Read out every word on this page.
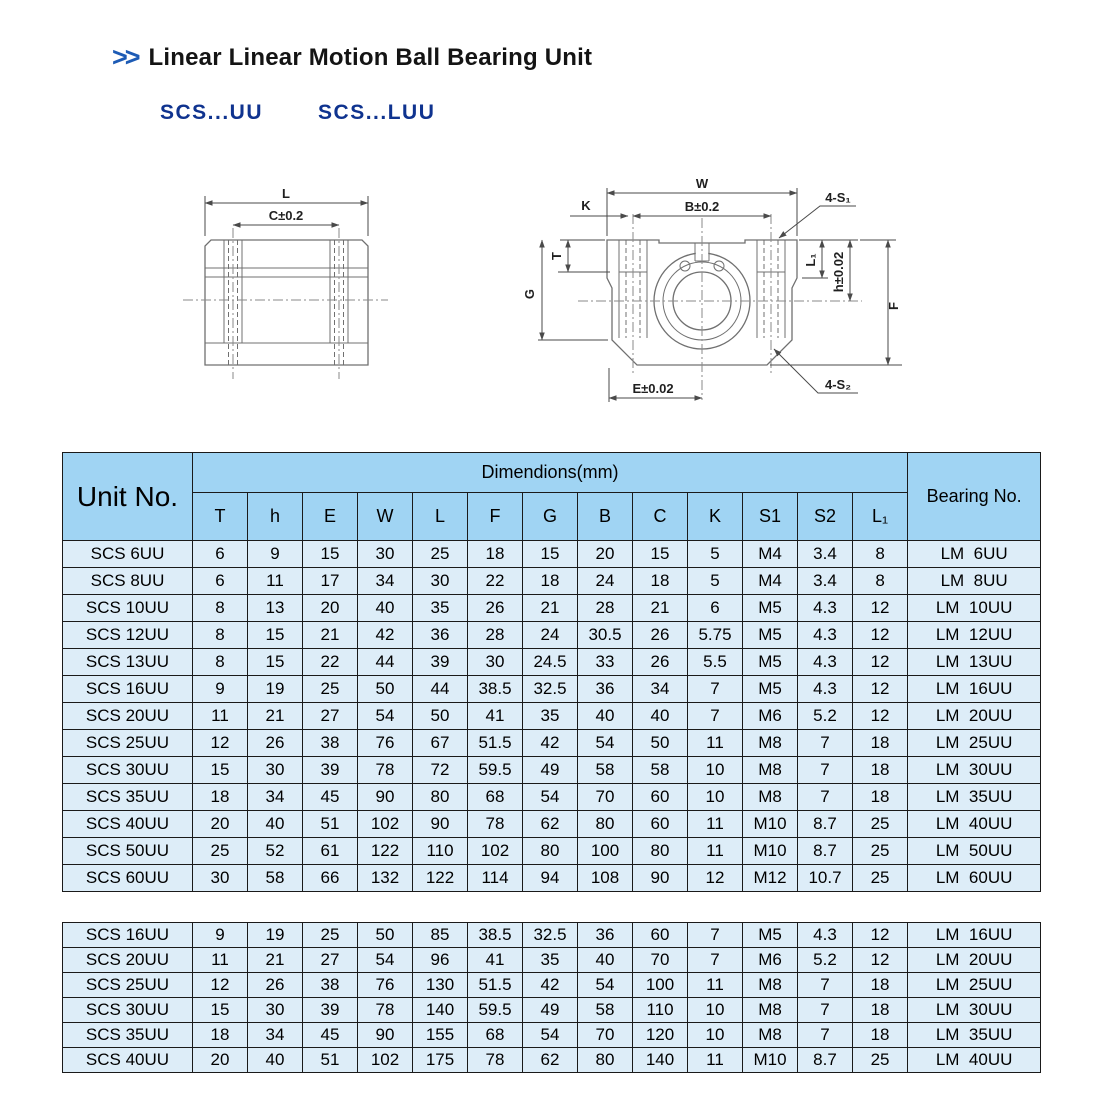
>> Linear Linear Motion Ball Bearing Unit
SCS...UU	SCS...LUU
L
C±0.2
W
B±0.2
K
T
G
L₁ h±0.02
F
E±0.02
4-S₁
4-S₂
Unit No.	Dimendions(mm)													Bearing No.
	T	h	E	W	L	F	G	B	C	K	S1	S2	L₁	
SCS 6UU	6	9	15	30	25	18	15	20	15	5	M4	3.4	8	LM  6UU
SCS 8UU	6	11	17	34	30	22	18	24	18	5	M4	3.4	8	LM  8UU
SCS 10UU	8	13	20	40	35	26	21	28	21	6	M5	4.3	12	LM  10UU
SCS 12UU	8	15	21	42	36	28	24	30.5	26	5.75	M5	4.3	12	LM  12UU
SCS 13UU	8	15	22	44	39	30	24.5	33	26	5.5	M5	4.3	12	LM  13UU
SCS 16UU	9	19	25	50	44	38.5	32.5	36	34	7	M5	4.3	12	LM  16UU
SCS 20UU	11	21	27	54	50	41	35	40	40	7	M6	5.2	12	LM  20UU
SCS 25UU	12	26	38	76	67	51.5	42	54	50	11	M8	7	18	LM  25UU
SCS 30UU	15	30	39	78	72	59.5	49	58	58	10	M8	7	18	LM  30UU
SCS 35UU	18	34	45	90	80	68	54	70	60	10	M8	7	18	LM  35UU
SCS 40UU	20	40	51	102	90	78	62	80	60	11	M10	8.7	25	LM  40UU
SCS 50UU	25	52	61	122	110	102	80	100	80	11	M10	8.7	25	LM  50UU
SCS 60UU	30	58	66	132	122	114	94	108	90	12	M12	10.7	25	LM  60UU

SCS 16UU	9	19	25	50	85	38.5	32.5	36	60	7	M5	4.3	12	LM  16UU
SCS 20UU	11	21	27	54	96	41	35	40	70	7	M6	5.2	12	LM  20UU
SCS 25UU	12	26	38	76	130	51.5	42	54	100	11	M8	7	18	LM  25UU
SCS 30UU	15	30	39	78	140	59.5	49	58	110	10	M8	7	18	LM  30UU
SCS 35UU	18	34	45	90	155	68	54	70	120	10	M8	7	18	LM  35UU
SCS 40UU	20	40	51	102	175	78	62	80	140	11	M10	8.7	25	LM  40UU
